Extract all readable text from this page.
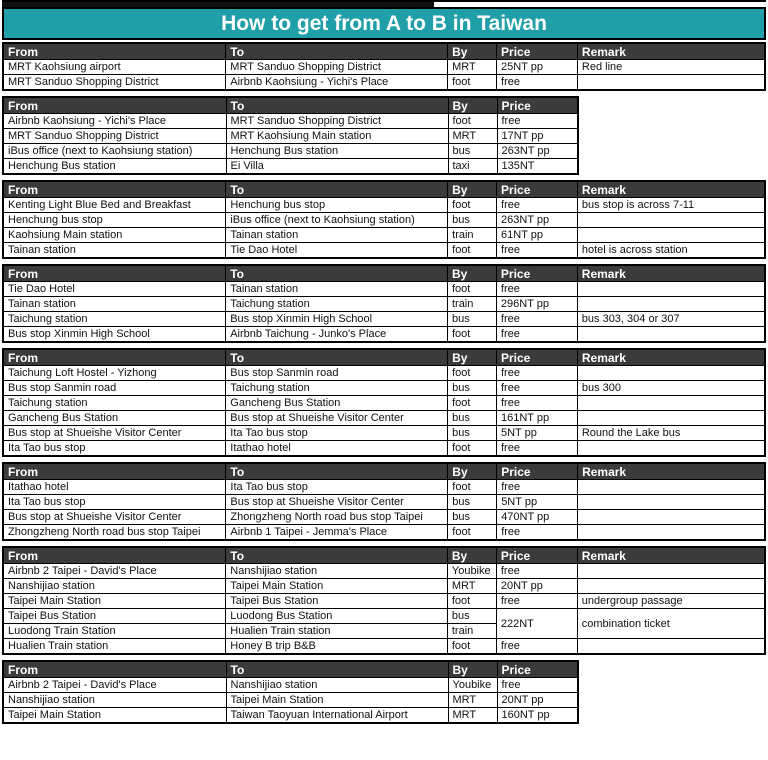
How to get from A to B in Taiwan
From	To	By	Price	Remark
MRT Kaohsiung airport	MRT Sanduo Shopping District	MRT	25NT pp	Red line
MRT Sanduo Shopping District	Airbnb Kaohsiung - Yichi's Place	foot	free	
From	To	By	Price
Airbnb Kaohsiung - Yichi's Place	MRT Sanduo Shopping District	foot	free
MRT Sanduo Shopping District	MRT Kaohsiung Main station	MRT	17NT pp
iBus office (next to Kaohsiung station)	Henchung Bus station	bus	263NT pp
Henchung Bus station	Ei Villa	taxi	135NT
From	To	By	Price	Remark
Kenting Light Blue Bed and Breakfast	Henchung bus stop	foot	free	bus stop is across 7-11
Henchung bus stop	iBus office (next to Kaohsiung station)	bus	263NT pp	
Kaohsiung Main station	Tainan station	train	61NT pp	
Tainan station	Tie Dao Hotel	foot	free	hotel is across station
From	To	By	Price	Remark
Tie Dao Hotel	Tainan station	foot	free	
Tainan station	Taichung station	train	296NT pp	
Taichung station	Bus stop Xinmin High School	bus	free	bus 303, 304 or 307
Bus stop Xinmin High School	Airbnb Taichung - Junko's Place	foot	free	
From	To	By	Price	Remark
Taichung Loft Hostel - Yizhong	Bus stop Sanmin road	foot	free	
Bus stop Sanmin road	Taichung station	bus	free	bus 300
Taichung station	Gancheng Bus Station	foot	free	
Gancheng Bus Station	Bus stop at Shueishe Visitor Center	bus	161NT pp	
Bus stop at Shueishe Visitor Center	Ita Tao bus stop	bus	5NT pp	Round the Lake bus
Ita Tao bus stop	Itathao hotel	foot	free	
From	To	By	Price	Remark
Itathao hotel	Ita Tao bus stop	foot	free	
Ita Tao bus stop	Bus stop at Shueishe Visitor Center	bus	5NT pp	
Bus stop at Shueishe Visitor Center	Zhongzheng North road bus stop Taipei	bus	470NT pp	
Zhongzheng North road bus stop Taipei	Airbnb 1 Taipei - Jemma's Place	foot	free	
From	To	By	Price	Remark
Airbnb 2 Taipei - David's Place	Nanshijiao station	Youbike	free	
Nanshijiao station	Taipei Main Station	MRT	20NT pp	
Taipei Main Station	Taipei Bus Station	foot	free	undergroup passage
Taipei Bus Station	Luodong Bus Station	bus	222NT	combination ticket
Luodong Train Station	Hualien Train station	train		
Hualien Train station	Honey B trip B&B	foot	free	
From	To	By	Price
Airbnb 2 Taipei - David's Place	Nanshijiao station	Youbike	free
Nanshijiao station	Taipei Main Station	MRT	20NT pp
Taipei Main Station	Taiwan Taoyuan International Airport	MRT	160NT pp
